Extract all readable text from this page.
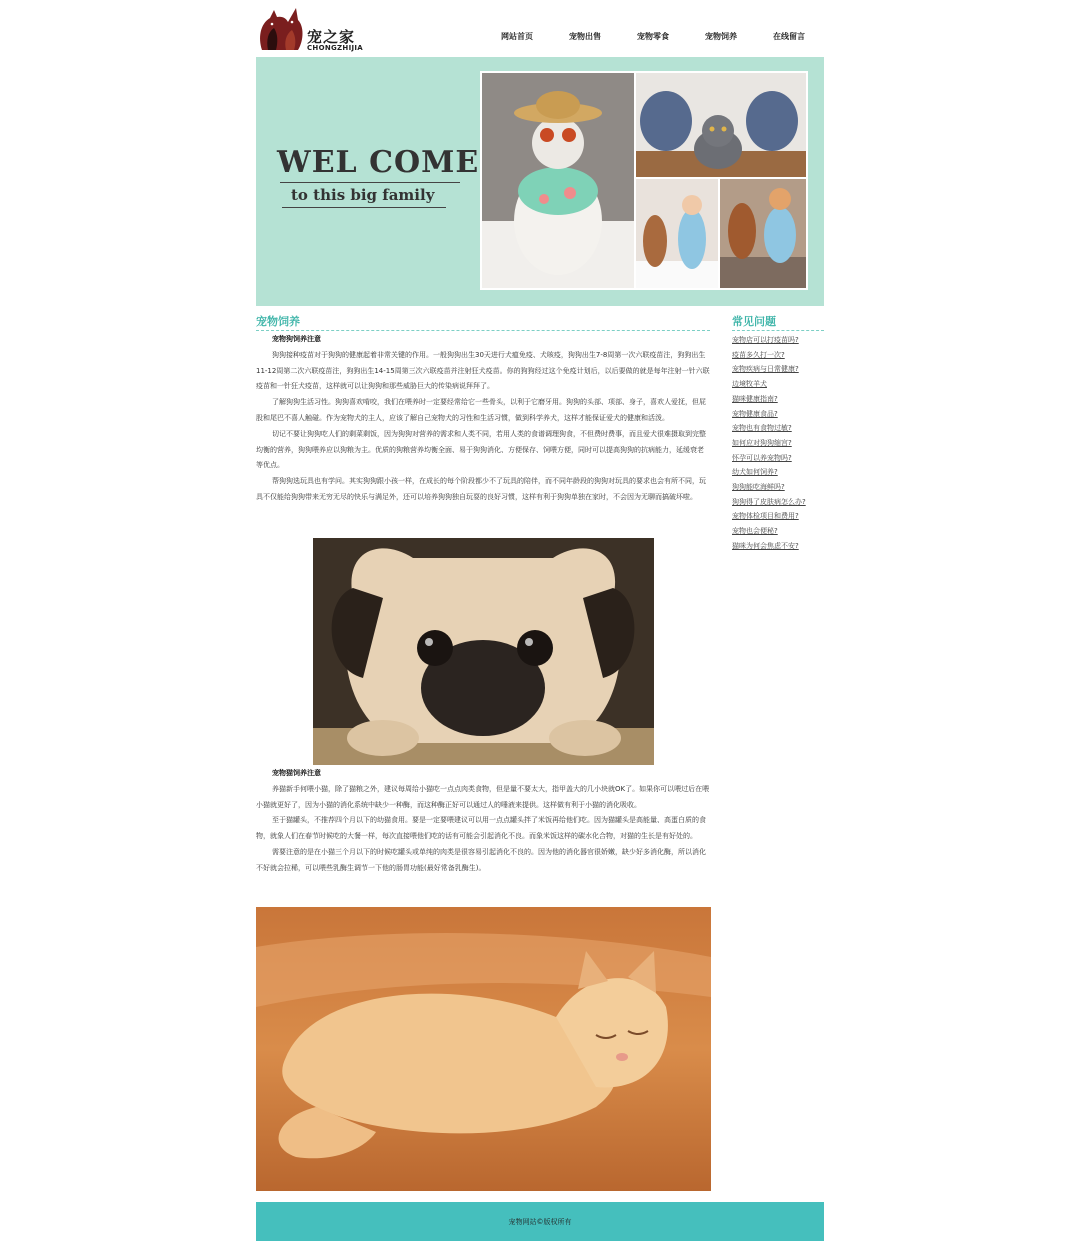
宠之家
CHONGZHIJIA
网站首页	宠物出售	宠物零食	宠物饲养	在线留言
WEL COME
to this big family
宠物饲养

宠物狗饲养注意

狗狗接种疫苗对于狗狗的健康起着非常关键的作用。一般狗狗出生30天进行犬瘟免疫、犬咳疫，狗狗出生7-8周第一次六联疫苗注，狗狗出生11-12周第二次六联疫苗注，狗狗出生14-15周第三次六联疫苗并注射狂犬疫苗。你的狗狗经过这个免疫计划后，以后要做的就是每年注射一针六联疫苗和一针狂犬疫苗，这样就可以让狗狗和那些威胁巨大的传染病说拜拜了。

了解狗狗生活习性。狗狗喜欢啃咬，我们在喂养时一定要经常给它一些骨头，以利于它磨牙用。狗狗的头部、项部、身子，喜欢人爱抚，但屁股和尾巴不喜人触碰。作为宠物犬的主人，应该了解自己宠物犬的习性和生活习惯，做到科学养犬，这样才能保证爱犬的健康和活泼。

切记不要让狗狗吃人们的剩菜剩饭，因为狗狗对营养的需求和人类不同，若用人类的食谱调理狗食，不但费时费事，而且爱犬很难摄取到完整均衡的营养，狗狗喂养应以狗粮为主。优质的狗粮营养均衡全面、易于狗狗消化、方便保存、饲喂方便，同时可以提高狗狗的抗病能力，延缓衰老等优点。

帮狗狗选玩具也有学问。其实狗狗跟小孩一样，在成长的每个阶段都少不了玩具的陪伴，而不同年龄段的狗狗对玩具的要求也会有所不同，玩具不仅能给狗狗带来无穷无尽的快乐与满足外，还可以培养狗狗独自玩耍的良好习惯，这样有利于狗狗单独在家时，不会因为无聊而搞破坏啦。

宠物猫饲养注意

养猫新手何喂小猫，除了猫粮之外，建议每周给小猫吃一点点肉类食物，但是量不要太大，指甲盖大的几小块就OK了。如果你可以喂过后在喂小猫就更好了，因为小猫的消化系统中缺少一种酶，而这种酶正好可以通过人的唾液来提供。这样做有利于小猫的消化吸收。

至于猫罐头，不推荐四个月以下的幼猫食用。要是一定要喂建议可以用一点点罐头拌了米饭再给他们吃。因为猫罐头是高能量、高蛋白质的食物，就象人们在春节时候吃的大餐一样，每次直接喂他们吃的话有可能会引起消化不良。而象米饭这样的碳水化合物，对猫的生长是有好处的。

需要注意的是在小猫三个月以下的时候吃罐头或单纯的肉类是很容易引起消化不良的。因为他的消化器官很娇嫩，缺少好多消化酶，所以消化不好就会拉稀，可以喂些乳酶生调节一下他的肠胃功能(最好常备乳酶生)。

常见问题
宠物店可以打疫苗吗?
疫苗多久打一次?
宠物疾病与日常健康?
边境牧羊犬
猫咪健康指南?
宠物健康食品?
宠物也有食物过敏?
如何应对狗狗缩宫?
怀孕可以养宠物吗?
幼犬如何饲养?
狗狗能吃海鲜吗?
狗狗得了皮肤病怎么办?
宠物体检项目和费用?
宠物也会便秘?
猫咪为何会焦虑不安?
宠物网站©版权所有
